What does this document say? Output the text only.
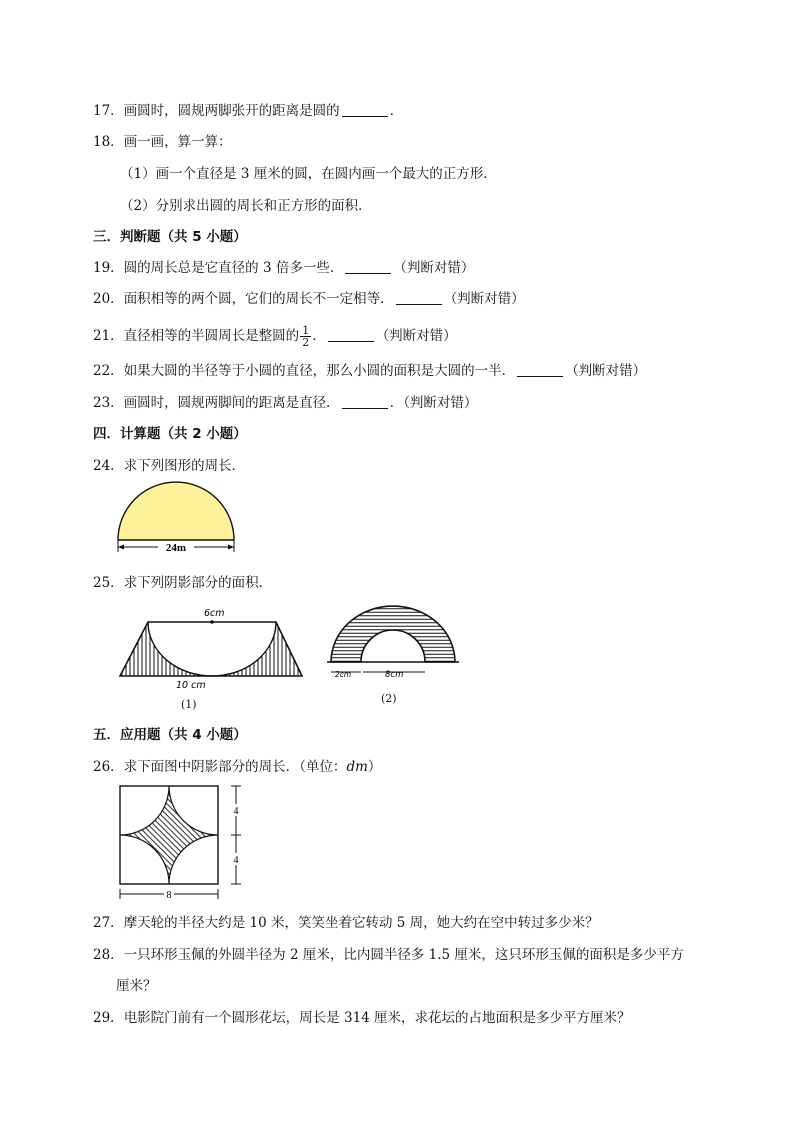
17．画圆时，圆规两脚张开的距离是圆的	．
18．画一画，算一算：
（1）画一个直径是 3 厘米的圆，在圆内画一个最大的正方形．
（2）分别求出圆的周长和正方形的面积．
三．判断题（共 5 小题）
19．圆的周长总是它直径的 3 倍多一些．	（判断对错）
20．面积相等的两个圆，它们的周长不一定相等．	（判断对错）
21．直径相等的半圆周长是整圆的 $\frac{1}{2}$ ．	（判断对错）
22．如果大圆的半径等于小圆的直径，那么小圆的面积是大圆的一半．	（判断对错）
23．画圆时，圆规两脚间的距离是直径．	．（判断对错）
四．计算题（共 2 小题）
24．求下列图形的周长．
24m
25．求下列阴影部分的面积．
6cm
10 cm
(1)
2cm	8cm
(2)
五．应用题（共 4 小题）
26．求下面图中阴影部分的周长．（单位：dm）
8
4
4
27．摩天轮的半径大约是 10 米，笑笑坐着它转动 5 周，她大约在空中转过多少米？
28．一只环形玉佩的外圆半径为 2 厘米，比内圆半径多 1.5 厘米，这只环形玉佩的面积是多少平方
厘米？
29．电影院门前有一个圆形花坛，周长是 314 厘米，求花坛的占地面积是多少平方厘米？
